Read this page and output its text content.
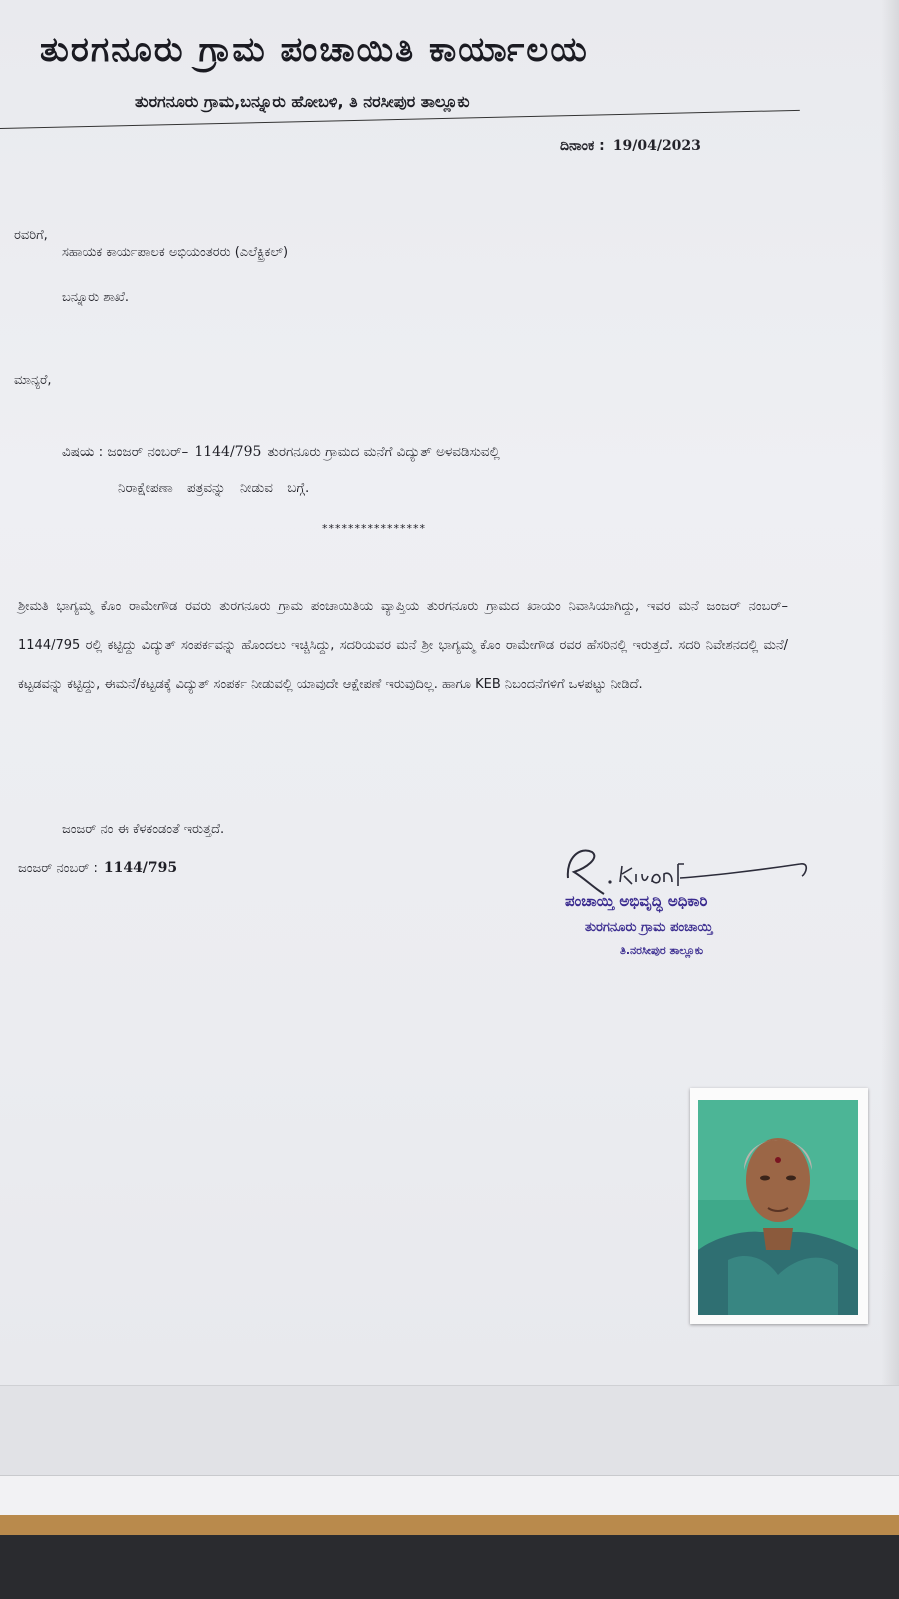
ತುರಗನೂರು ಗ್ರಾಮ ಪಂಚಾಯಿತಿ ಕಾರ್ಯಾಲಯ
ತುರಗನೂರು ಗ್ರಾಮ,ಬನ್ನೂರು ಹೋಬಳಿ, ತಿ ನರಸೀಪುರ ತಾಲ್ಲೂಕು
ದಿನಾಂಕ : 19/04/2023
ರವರಿಗೆ,
ಸಹಾಯಕ ಕಾರ್ಯಪಾಲಕ ಅಭಿಯಂತರರು (ಎಲೆಕ್ಟ್ರಿಕಲ್)
ಬನ್ನೂರು ಶಾಖೆ.
ಮಾನ್ಯರೆ,
ವಿಷಯ : ಜಂಜರ್ ನಂಬರ್– 1144/795 ತುರಗನೂರು ಗ್ರಾಮದ ಮನೆಗೆ ವಿದ್ಯುತ್ ಅಳವಡಿಸುವಲ್ಲಿ
ನಿರಾಕ್ಷೇಪಣಾ ಪತ್ರವನ್ನು ನೀಡುವ ಬಗ್ಗೆ.
****************
ಶ್ರೀಮತಿ ಭಾಗ್ಯಮ್ಮ ಕೊಂ ರಾಮೇಗೌಡ ರವರು ತುರಗನೂರು ಗ್ರಾಮ ಪಂಚಾಯಿತಿಯ ವ್ಯಾಪ್ತಿಯ ತುರಗನೂರು ಗ್ರಾಮದ ಖಾಯಂ ನಿವಾಸಿಯಾಗಿದ್ದು, ಇವರ ಮನೆ ಜಂಜರ್ ನಂಬರ್– 1144/795 ರಲ್ಲಿ ಕಟ್ಟಿದ್ದು ವಿದ್ಯುತ್ ಸಂಪರ್ಕವನ್ನು ಹೊಂದಲು ಇಚ್ಚಿಸಿದ್ದು, ಸದರಿಯವರ ಮನೆ ಶ್ರೀ ಭಾಗ್ಯಮ್ಮ ಕೊಂ ರಾಮೇಗೌಡ ರವರ ಹೆಸರಿನಲ್ಲಿ ಇರುತ್ತದೆ. ಸದರಿ ನಿವೇಶನದಲ್ಲಿ ಮನೆ/ಕಟ್ಟಡವನ್ನು ಕಟ್ಟಿದ್ದು, ಈಮನೆ/ಕಟ್ಟಡಕ್ಕೆ ವಿದ್ಯುತ್ ಸಂಪರ್ಕ ನೀಡುವಲ್ಲಿ ಯಾವುದೇ ಆಕ್ಷೇಪಣೆ ಇರುವುದಿಲ್ಲ. ಹಾಗೂ KEB ನಿಬಂದನೆಗಳಿಗೆ ಒಳಪಟ್ಟು ನೀಡಿದೆ.
ಜಂಜರ್ ನಂ ಈ ಕೆಳಕಂಡಂತೆ ಇರುತ್ತದೆ.
ಜಂಜರ್ ನಂಬರ್ : 1144/795
ಪಂಚಾಯ್ತಿ ಅಭಿವೃದ್ಧಿ ಅಧಿಕಾರಿ
ತುರಗನೂರು ಗ್ರಾಮ ಪಂಚಾಯ್ತಿ
ತಿ.ನರಸೀಪುರ ತಾಲ್ಲೂಕು
